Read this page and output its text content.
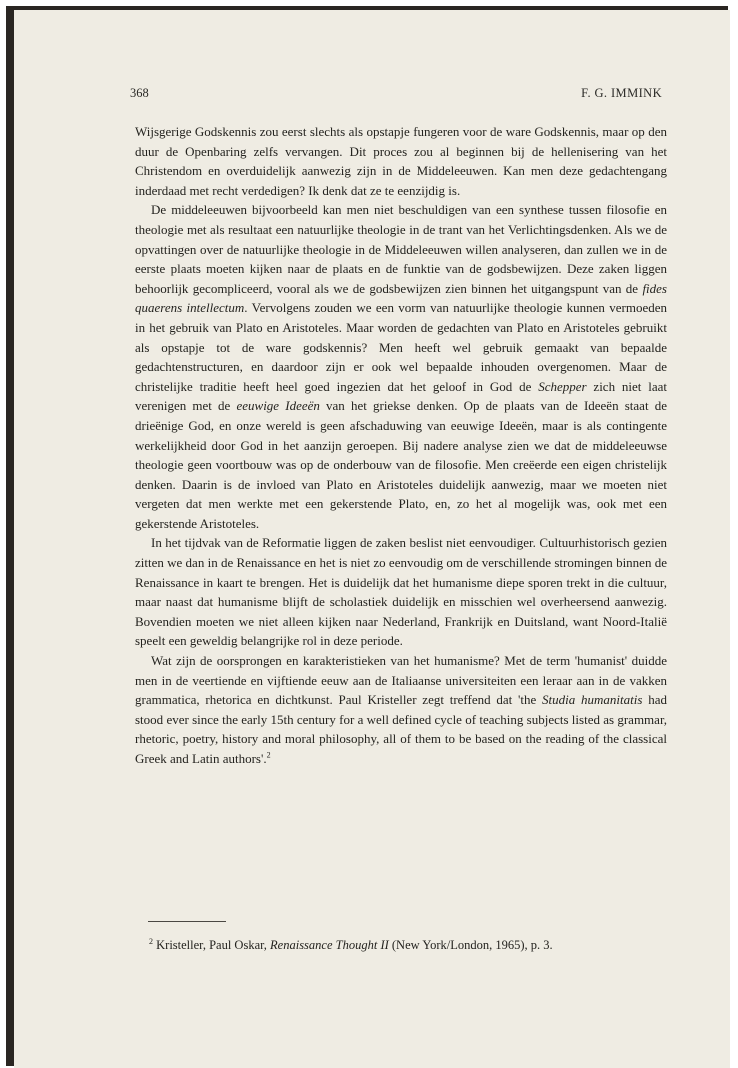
368	F. G. IMMINK

Wijsgerige Godskennis zou eerst slechts als opstapje fungeren voor de ware Godskennis, maar op den duur de Openbaring zelfs vervangen. Dit proces zou al beginnen bij de hellenisering van het Christendom en overduidelijk aanwezig zijn in de Middeleeuwen. Kan men deze gedachtengang inderdaad met recht verdedigen? Ik denk dat ze te eenzijdig is.

De middeleeuwen bijvoorbeeld kan men niet beschuldigen van een synthese tussen filosofie en theologie met als resultaat een natuurlijke theologie in de trant van het Verlichtingsdenken. Als we de opvattingen over de natuurlijke theologie in de Middeleeuwen willen analyseren, dan zullen we in de eerste plaats moeten kijken naar de plaats en de funktie van de godsbewijzen. Deze zaken liggen behoorlijk gecompliceerd, vooral als we de godsbewijzen zien binnen het uitgangspunt van de fides quaerens intellectum. Vervolgens zouden we een vorm van natuurlijke theologie kunnen vermoeden in het gebruik van Plato en Aristoteles. Maar worden de gedachten van Plato en Aristoteles gebruikt als opstapje tot de ware godskennis? Men heeft wel gebruik gemaakt van bepaalde gedachtenstructuren, en daardoor zijn er ook wel bepaalde inhouden overgenomen. Maar de christelijke traditie heeft heel goed ingezien dat het geloof in God de Schepper zich niet laat verenigen met de eeuwige Ideeën van het griekse denken. Op de plaats van de Ideeën staat de drieënige God, en onze wereld is geen afschaduwing van eeuwige Ideeën, maar is als contingente werkelijkheid door God in het aanzijn geroepen. Bij nadere analyse zien we dat de middeleeuwse theologie geen voortbouw was op de onderbouw van de filosofie. Men creëerde een eigen christelijk denken. Daarin is de invloed van Plato en Aristoteles duidelijk aanwezig, maar we moeten niet vergeten dat men werkte met een gekerstende Plato, en, zo het al mogelijk was, ook met een gekerstende Aristoteles.

In het tijdvak van de Reformatie liggen de zaken beslist niet eenvoudiger. Cultuurhistorisch gezien zitten we dan in de Renaissance en het is niet zo eenvoudig om de verschillende stromingen binnen de Renaissance in kaart te brengen. Het is duidelijk dat het humanisme diepe sporen trekt in die cultuur, maar naast dat humanisme blijft de scholastiek duidelijk en misschien wel overheersend aanwezig. Bovendien moeten we niet alleen kijken naar Nederland, Frankrijk en Duitsland, want Noord-Italië speelt een geweldig belangrijke rol in deze periode.

Wat zijn de oorsprongen en karakteristieken van het humanisme? Met de term 'humanist' duidde men in de veertiende en vijftiende eeuw aan de Italiaanse universiteiten een leraar aan in de vakken grammatica, rhetorica en dichtkunst. Paul Kristeller zegt treffend dat 'the Studia humanitatis had stood ever since the early 15th century for a well defined cycle of teaching subjects listed as grammar, rhetoric, poetry, history and moral philosophy, all of them to be based on the reading of the classical Greek and Latin authors'.$^2$

$^2$ Kristeller, Paul Oskar, Renaissance Thought II (New York/London, 1965), p. 3.
